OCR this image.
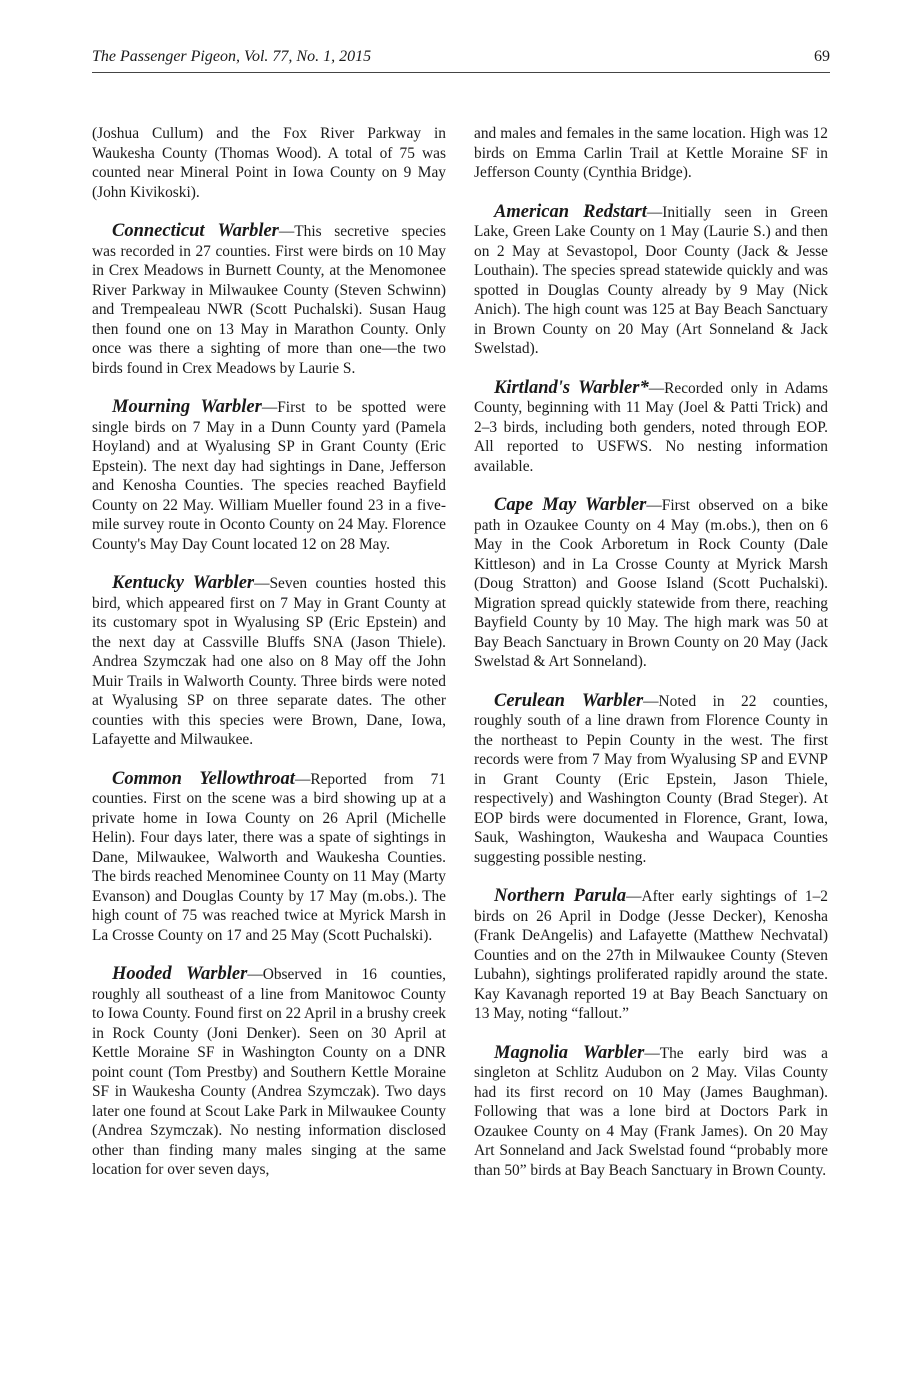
The Passenger Pigeon, Vol. 77, No. 1, 2015	69

(Joshua Cullum) and the Fox River Parkway in Waukesha County (Thomas Wood). A total of 75 was counted near Mineral Point in Iowa County on 9 May (John Kivikoski).

Connecticut Warbler—This secretive species was recorded in 27 counties. First were birds on 10 May in Crex Meadows in Burnett County, at the Menomonee River Parkway in Milwaukee County (Steven Schwinn) and Trempealeau NWR (Scott Puchalski). Susan Haug then found one on 13 May in Marathon County. Only once was there a sighting of more than one—the two birds found in Crex Meadows by Laurie S.

Mourning Warbler—First to be spotted were single birds on 7 May in a Dunn County yard (Pamela Hoyland) and at Wyalusing SP in Grant County (Eric Epstein). The next day had sightings in Dane, Jefferson and Kenosha Counties. The species reached Bayfield County on 22 May. William Mueller found 23 in a five-mile survey route in Oconto County on 24 May. Florence County's May Day Count located 12 on 28 May.

Kentucky Warbler—Seven counties hosted this bird, which appeared first on 7 May in Grant County at its customary spot in Wyalusing SP (Eric Epstein) and the next day at Cassville Bluffs SNA (Jason Thiele). Andrea Szymczak had one also on 8 May off the John Muir Trails in Walworth County. Three birds were noted at Wyalusing SP on three separate dates. The other counties with this species were Brown, Dane, Iowa, Lafayette and Milwaukee.

Common Yellowthroat—Reported from 71 counties. First on the scene was a bird showing up at a private home in Iowa County on 26 April (Michelle Helin). Four days later, there was a spate of sightings in Dane, Milwaukee, Walworth and Waukesha Counties. The birds reached Menominee County on 11 May (Marty Evanson) and Douglas County by 17 May (m.obs.). The high count of 75 was reached twice at Myrick Marsh in La Crosse County on 17 and 25 May (Scott Puchalski).

Hooded Warbler—Observed in 16 counties, roughly all southeast of a line from Manitowoc County to Iowa County. Found first on 22 April in a brushy creek in Rock County (Joni Denker). Seen on 30 April at Kettle Moraine SF in Washington County on a DNR point count (Tom Prestby) and Southern Kettle Moraine SF in Waukesha County (Andrea Szymczak). Two days later one found at Scout Lake Park in Milwaukee County (Andrea Szymczak). No nesting information disclosed other than finding many males singing at the same location for over seven days,

and males and females in the same location. High was 12 birds on Emma Carlin Trail at Kettle Moraine SF in Jefferson County (Cynthia Bridge).

American Redstart—Initially seen in Green Lake, Green Lake County on 1 May (Laurie S.) and then on 2 May at Sevastopol, Door County (Jack & Jesse Louthain). The species spread statewide quickly and was spotted in Douglas County already by 9 May (Nick Anich). The high count was 125 at Bay Beach Sanctuary in Brown County on 20 May (Art Sonneland & Jack Swelstad).

Kirtland's Warbler*—Recorded only in Adams County, beginning with 11 May (Joel & Patti Trick) and 2–3 birds, including both genders, noted through EOP. All reported to USFWS. No nesting information available.

Cape May Warbler—First observed on a bike path in Ozaukee County on 4 May (m.obs.), then on 6 May in the Cook Arboretum in Rock County (Dale Kittleson) and in La Crosse County at Myrick Marsh (Doug Stratton) and Goose Island (Scott Puchalski). Migration spread quickly statewide from there, reaching Bayfield County by 10 May. The high mark was 50 at Bay Beach Sanctuary in Brown County on 20 May (Jack Swelstad & Art Sonneland).

Cerulean Warbler—Noted in 22 counties, roughly south of a line drawn from Florence County in the northeast to Pepin County in the west. The first records were from 7 May from Wyalusing SP and EVNP in Grant County (Eric Epstein, Jason Thiele, respectively) and Washington County (Brad Steger). At EOP birds were documented in Florence, Grant, Iowa, Sauk, Washington, Waukesha and Waupaca Counties suggesting possible nesting.

Northern Parula—After early sightings of 1–2 birds on 26 April in Dodge (Jesse Decker), Kenosha (Frank DeAngelis) and Lafayette (Matthew Nechvatal) Counties and on the 27th in Milwaukee County (Steven Lubahn), sightings proliferated rapidly around the state. Kay Kavanagh reported 19 at Bay Beach Sanctuary on 13 May, noting “fallout.”

Magnolia Warbler—The early bird was a singleton at Schlitz Audubon on 2 May. Vilas County had its first record on 10 May (James Baughman). Following that was a lone bird at Doctors Park in Ozaukee County on 4 May (Frank James). On 20 May Art Sonneland and Jack Swelstad found “probably more than 50” birds at Bay Beach Sanctuary in Brown County.
